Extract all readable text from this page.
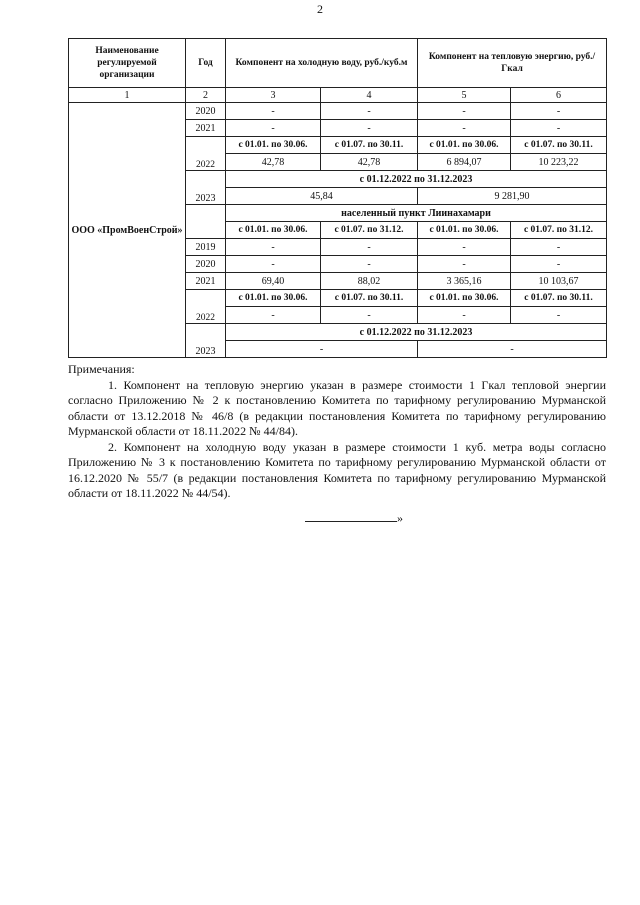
2
Наименование регулируемой организации	Год	Компонент на холодную воду, руб./куб.м		Компонент на тепловую энергию, руб./Гкал	
1	2	3	4	5	6
ООО «ПромВоенСтрой»	2020	-	-	-	-
	2021	-	-	-	-
	2022	с 01.01. по 30.06.	с 01.07. по 30.11.	с 01.01. по 30.06.	с 01.07. по 30.11.
		42,78	42,78	6 894,07	10 223,22
	2023	с 01.12.2022 по 31.12.2023			
		45,84		9 281,90	
		населенный пункт Лиинахамари			
		с 01.01. по 30.06.	с 01.07. по 31.12.	с 01.01. по 30.06.	с 01.07. по 31.12.
	2019	-	-	-	-
	2020	-	-	-	-
	2021	69,40	88,02	3 365,16	10 103,67
	2022	с 01.01. по 30.06.	с 01.07. по 30.11.	с 01.01. по 30.06.	с 01.07. по 30.11.
		-	-	-	-
	2023	с 01.12.2022 по 31.12.2023			
		-		-	

Примечания:

1. Компонент на тепловую энергию указан в размере стоимости 1 Гкал тепловой энергии согласно Приложению № 2 к постановлению Комитета по тарифному регулированию Мурманской области от 13.12.2018 № 46/8 (в редакции постановления Комитета по тарифному регулированию Мурманской области от 18.11.2022 № 44/84).

2. Компонент на холодную воду указан в размере стоимости 1 куб. метра воды согласно Приложению № 3 к постановлению Комитета по тарифному регулированию Мурманской области от 16.12.2020 № 55/7 (в редакции постановления Комитета по тарифному регулированию Мурманской области от 18.11.2022 № 44/54).

»
